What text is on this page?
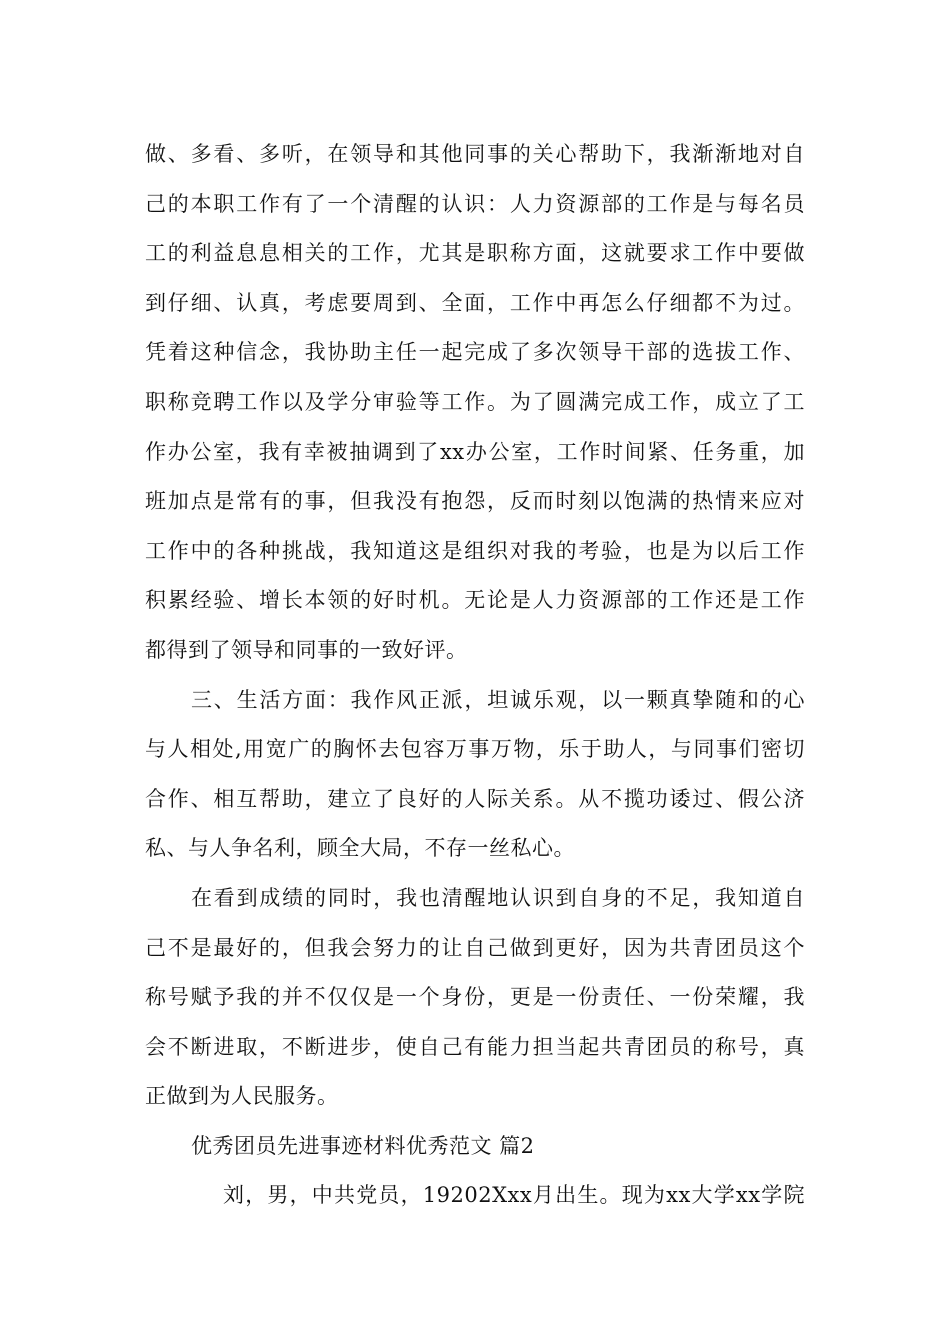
做、多看、多听，在领导和其他同事的关心帮助下，我渐渐地对自
己的本职工作有了一个清醒的认识：人力资源部的工作是与每名员
工的利益息息相关的工作，尤其是职称方面，这就要求工作中要做
到仔细、认真，考虑要周到、全面，工作中再怎么仔细都不为过。
凭着这种信念，我协助主任一起完成了多次领导干部的选拔工作、
职称竞聘工作以及学分审验等工作。为了圆满完成工作，成立了工
作办公室，我有幸被抽调到了xx办公室，工作时间紧、任务重，加
班加点是常有的事，但我没有抱怨，反而时刻以饱满的热情来应对
工作中的各种挑战，我知道这是组织对我的考验，也是为以后工作
积累经验、增长本领的好时机。无论是人力资源部的工作还是工作
都得到了领导和同事的一致好评。
三、生活方面：我作风正派，坦诚乐观，以一颗真挚随和的心
与人相处,用宽广的胸怀去包容万事万物，乐于助人，与同事们密切
合作、相互帮助，建立了良好的人际关系。从不揽功诿过、假公济
私、与人争名利，顾全大局，不存一丝私心。
在看到成绩的同时，我也清醒地认识到自身的不足，我知道自
己不是最好的，但我会努力的让自己做到更好，因为共青团员这个
称号赋予我的并不仅仅是一个身份，更是一份责任、一份荣耀，我
会不断进取，不断进步，使自己有能力担当起共青团员的称号，真
正做到为人民服务。
优秀团员先进事迹材料优秀范文 篇2
刘，男，中共党员，19202Xxx月出生。现为xx大学xx学院
